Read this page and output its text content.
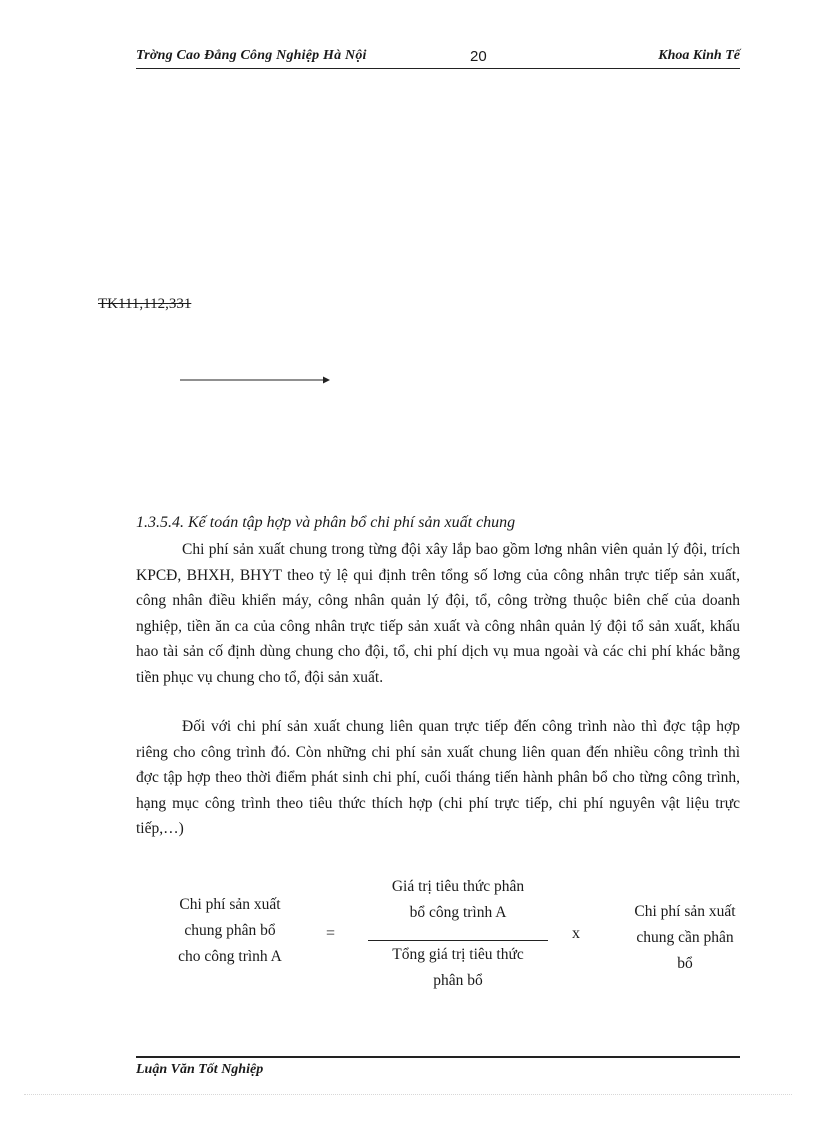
Trờng Cao Đẳng Công Nghiệp Hà Nội	20	Khoa Kinh Tế
TK111,112,331
1.3.5.4. Kế toán tập hợp và phân bổ chi phí sản xuất chung

Chi phí sản xuất chung trong từng đội xây lắp bao gồm lơng nhân viên quản lý đội, trích KPCĐ, BHXH, BHYT theo tỷ lệ qui định trên tổng số lơng của công nhân trực tiếp sản xuất, công nhân điều khiển máy, công nhân quản lý đội, tổ, công trờng thuộc biên chế của doanh nghiệp, tiền ăn ca của công nhân trực tiếp sản xuất và công nhân quản lý đội tổ sản xuất, khấu hao tài sản cố định dùng chung cho đội, tổ, chi phí dịch vụ mua ngoài và các chi phí khác bằng tiền phục vụ chung cho tổ, đội sản xuất.

Đối với chi phí sản xuất chung liên quan trực tiếp đến công trình nào thì đợc tập hợp riêng cho công trình đó. Còn những chi phí sản xuất chung liên quan đến nhiều công trình thì đợc tập hợp theo thời điểm phát sinh chi phí, cuối tháng tiến hành phân bổ cho từng công trình, hạng mục công trình theo tiêu thức thích hợp (chi phí trực tiếp, chi phí nguyên vật liệu trực tiếp,…)

Chi phí sản xuất
chung phân bổ
cho công trình A
=
Giá trị tiêu thức phân
bổ công trình A
Tổng giá trị tiêu thức
phân bổ
x
Chi phí sản xuất
chung cần phân
bổ
Luận Văn Tốt Nghiệp
